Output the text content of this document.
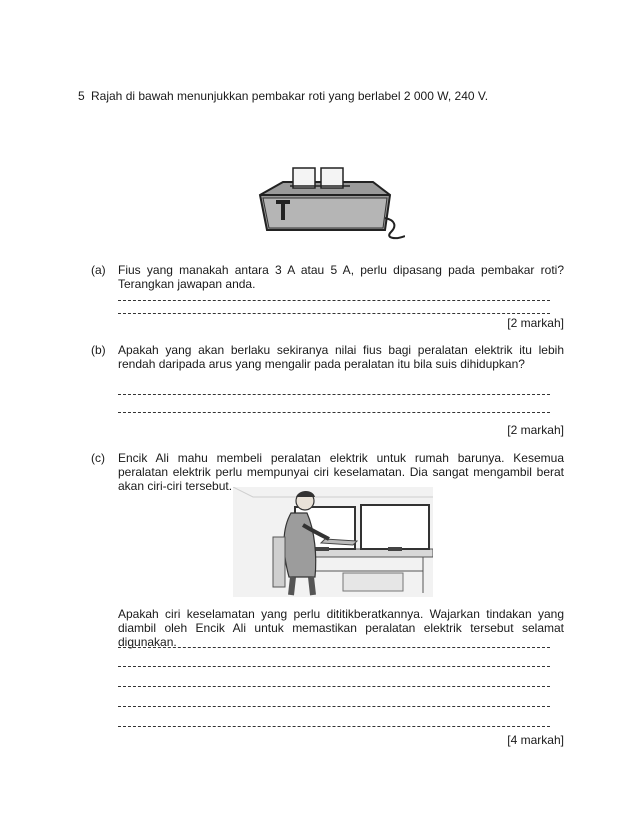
5 Rajah di bawah menunjukkan pembakar roti yang berlabel 2 000 W, 240 V.
(a) Fius yang manakah antara 3 A atau 5 A, perlu dipasang pada pembakar roti? Terangkan jawapan anda.
[2 markah]
(b) Apakah yang akan berlaku sekiranya nilai fius bagi peralatan elektrik itu lebih rendah daripada arus yang mengalir pada peralatan itu bila suis dihidupkan?
[2 markah]
(c) Encik Ali mahu membeli peralatan elektrik untuk rumah barunya. Kesemua peralatan elektrik perlu mempunyai ciri keselamatan. Dia sangat mengambil berat akan ciri-ciri tersebut.
Apakah ciri keselamatan yang perlu dititikberatkannya. Wajarkan tindakan yang diambil oleh Encik Ali untuk memastikan peralatan elektrik tersebut selamat digunakan.
[4 markah]
